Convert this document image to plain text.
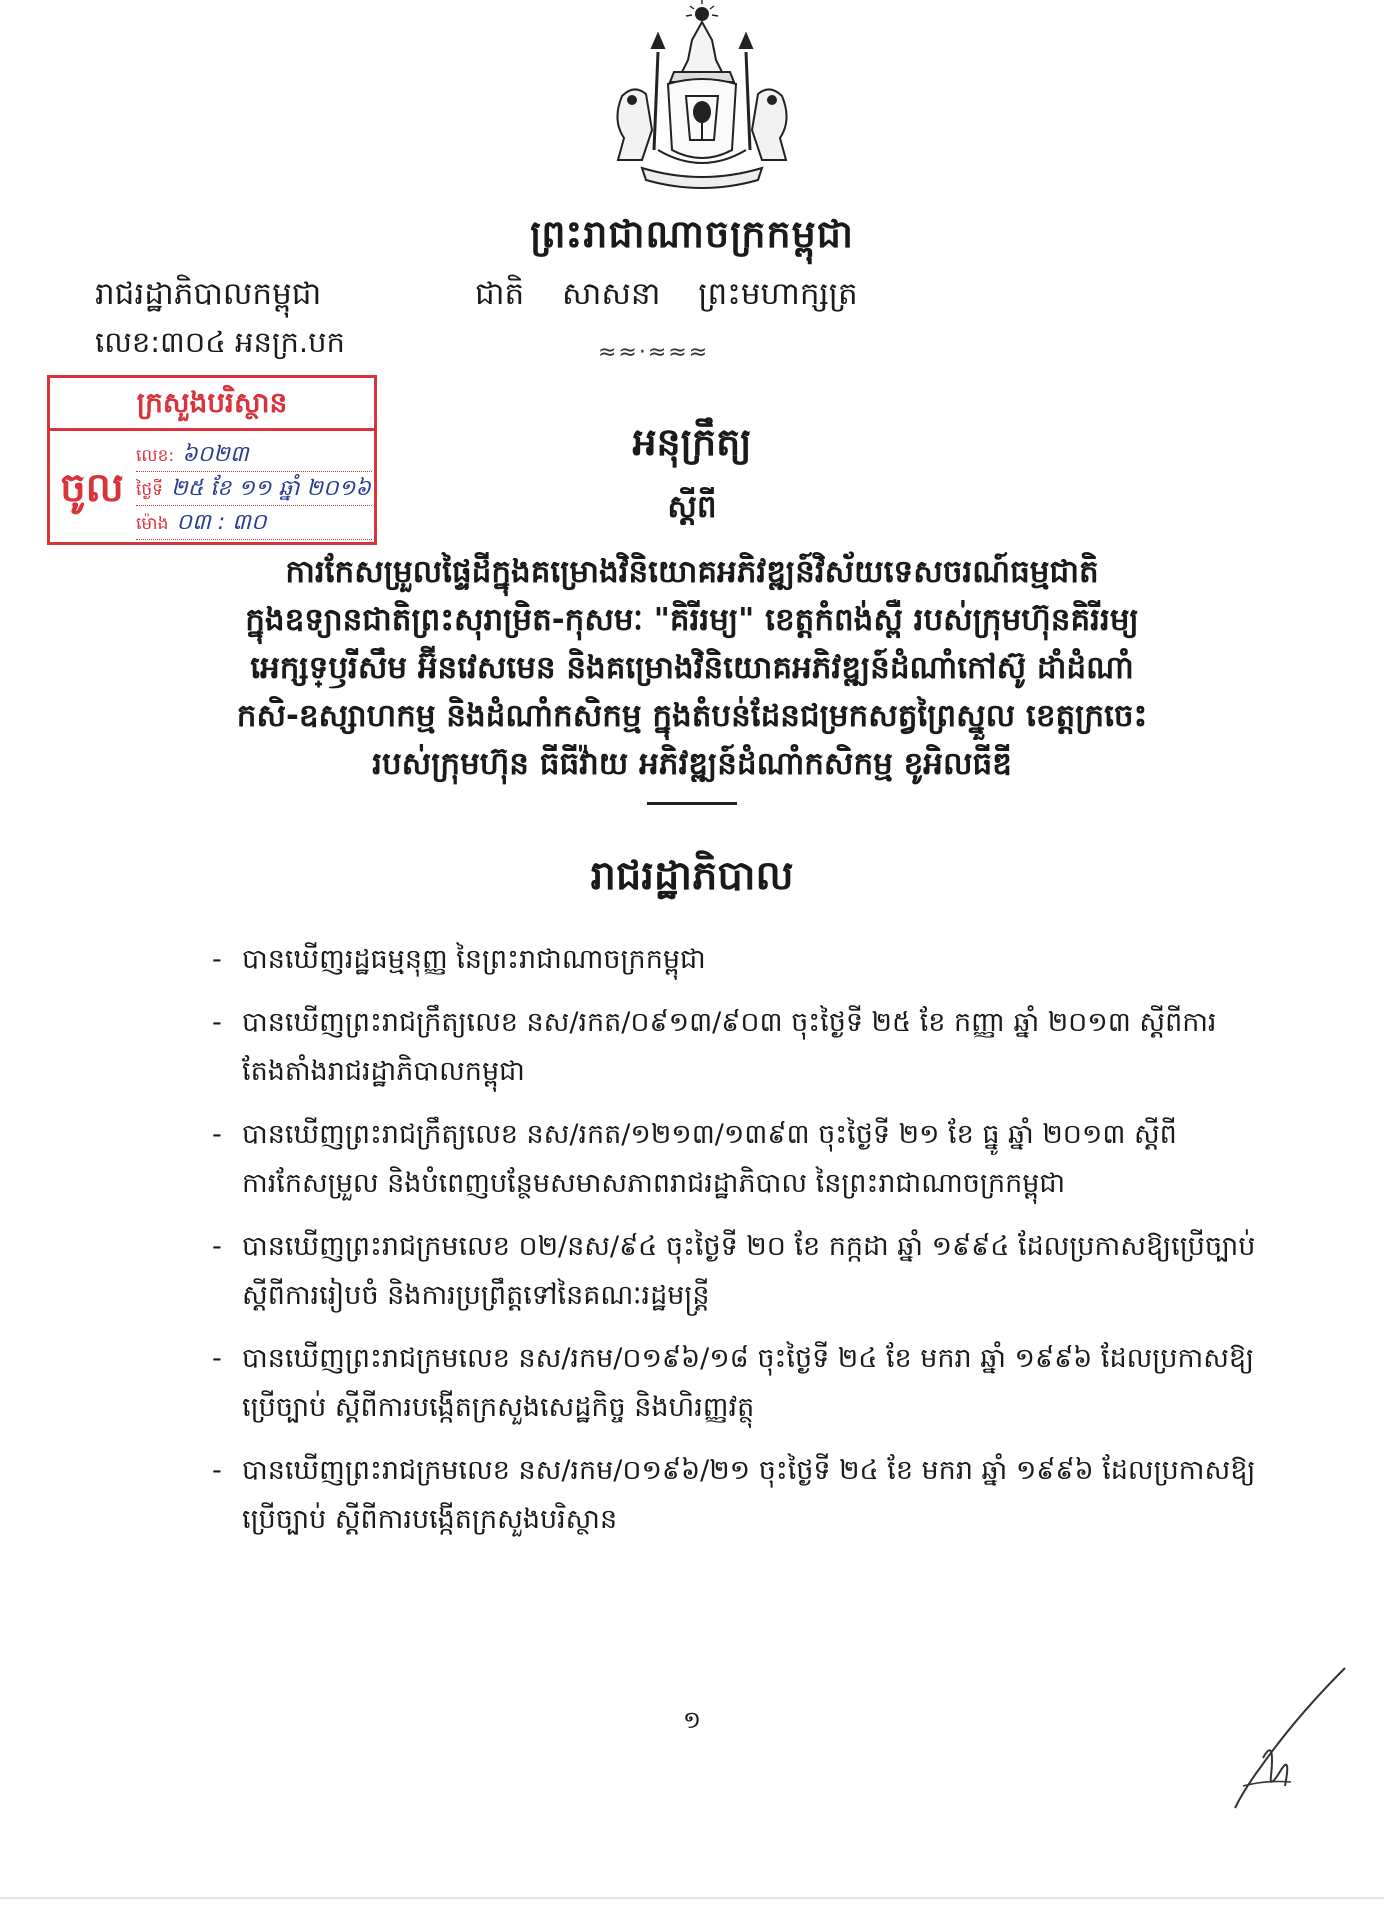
ព្រះរាជាណាចក្រកម្ពុជា
រាជរដ្ឋាភិបាលកម្ពុជា
លេខ:៣០៤ អនក្រ.បក
ជាតិ សាសនា ព្រះមហាក្សត្រ
≈≈·≈≈≈
ក្រសួងបរិស្ថាន
ចូល
លេខ: ៦០២៣
ថ្ងៃទី ២៥ ខែ ១១ ឆ្នាំ ២០១៦
ម៉ោង ០៣ : ៣០
អនុក្រឹត្យ
ស្តីពី
ការកែសម្រួលផ្ទៃដីក្នុងគម្រោងវិនិយោគអភិវឌ្ឍន៍វិស័យទេសចរណ៍ធម្មជាតិ
ក្នុងឧទ្យានជាតិព្រះសុរាម្រិត-កុសមៈ "គិរីរម្យ" ខេត្តកំពង់ស្ពឺ របស់ក្រុមហ៊ុនគិរីរម្យ
អេក្សទ្ឫរីសឹម អ៊ីនវេសមេន និងគម្រោងវិនិយោគអភិវឌ្ឍន៍ដំណាំកៅស៊ូ ដាំដំណាំ
កសិ-ឧស្សាហកម្ម និងដំណាំកសិកម្ម ក្នុងតំបន់ដែនជម្រកសត្វព្រៃស្នួល ខេត្តក្រចេះ
របស់ក្រុមហ៊ុន ធីធីវ៉ាយ អភិវឌ្ឍន៍ដំណាំកសិកម្ម ខូអិលធីឌី
រាជរដ្ឋាភិបាល
- បានឃើញរដ្ឋធម្មនុញ្ញ នៃព្រះរាជាណាចក្រកម្ពុជា
- បានឃើញព្រះរាជក្រឹត្យលេខ នស/រកត/០៩១៣/៩០៣ ចុះថ្ងៃទី ២៥ ខែ កញ្ញា ឆ្នាំ ២០១៣ ស្តីពីការតែងតាំងរាជរដ្ឋាភិបាលកម្ពុជា
- បានឃើញព្រះរាជក្រឹត្យលេខ នស/រកត/១២១៣/១៣៩៣ ចុះថ្ងៃទី ២១ ខែ ធ្នូ ឆ្នាំ ២០១៣ ស្តីពីការកែសម្រួល និងបំពេញបន្ថែមសមាសភាពរាជរដ្ឋាភិបាល នៃព្រះរាជាណាចក្រកម្ពុជា
- បានឃើញព្រះរាជក្រមលេខ ០២/នស/៩៤ ចុះថ្ងៃទី ២០ ខែ កក្កដា ឆ្នាំ ១៩៩៤ ដែលប្រកាសឱ្យប្រើច្បាប់ ស្តីពីការរៀបចំ និងការប្រព្រឹត្តទៅនៃគណៈរដ្ឋមន្ត្រី
- បានឃើញព្រះរាជក្រមលេខ នស/រកម/០១៩៦/១៨ ចុះថ្ងៃទី ២៤ ខែ មករា ឆ្នាំ ១៩៩៦ ដែលប្រកាសឱ្យប្រើច្បាប់ ស្តីពីការបង្កើតក្រសួងសេដ្ឋកិច្ច និងហិរញ្ញវត្ថុ
- បានឃើញព្រះរាជក្រមលេខ នស/រកម/០១៩៦/២១ ចុះថ្ងៃទី ២៤ ខែ មករា ឆ្នាំ ១៩៩៦ ដែលប្រកាសឱ្យប្រើច្បាប់ ស្តីពីការបង្កើតក្រសួងបរិស្ថាន
១
